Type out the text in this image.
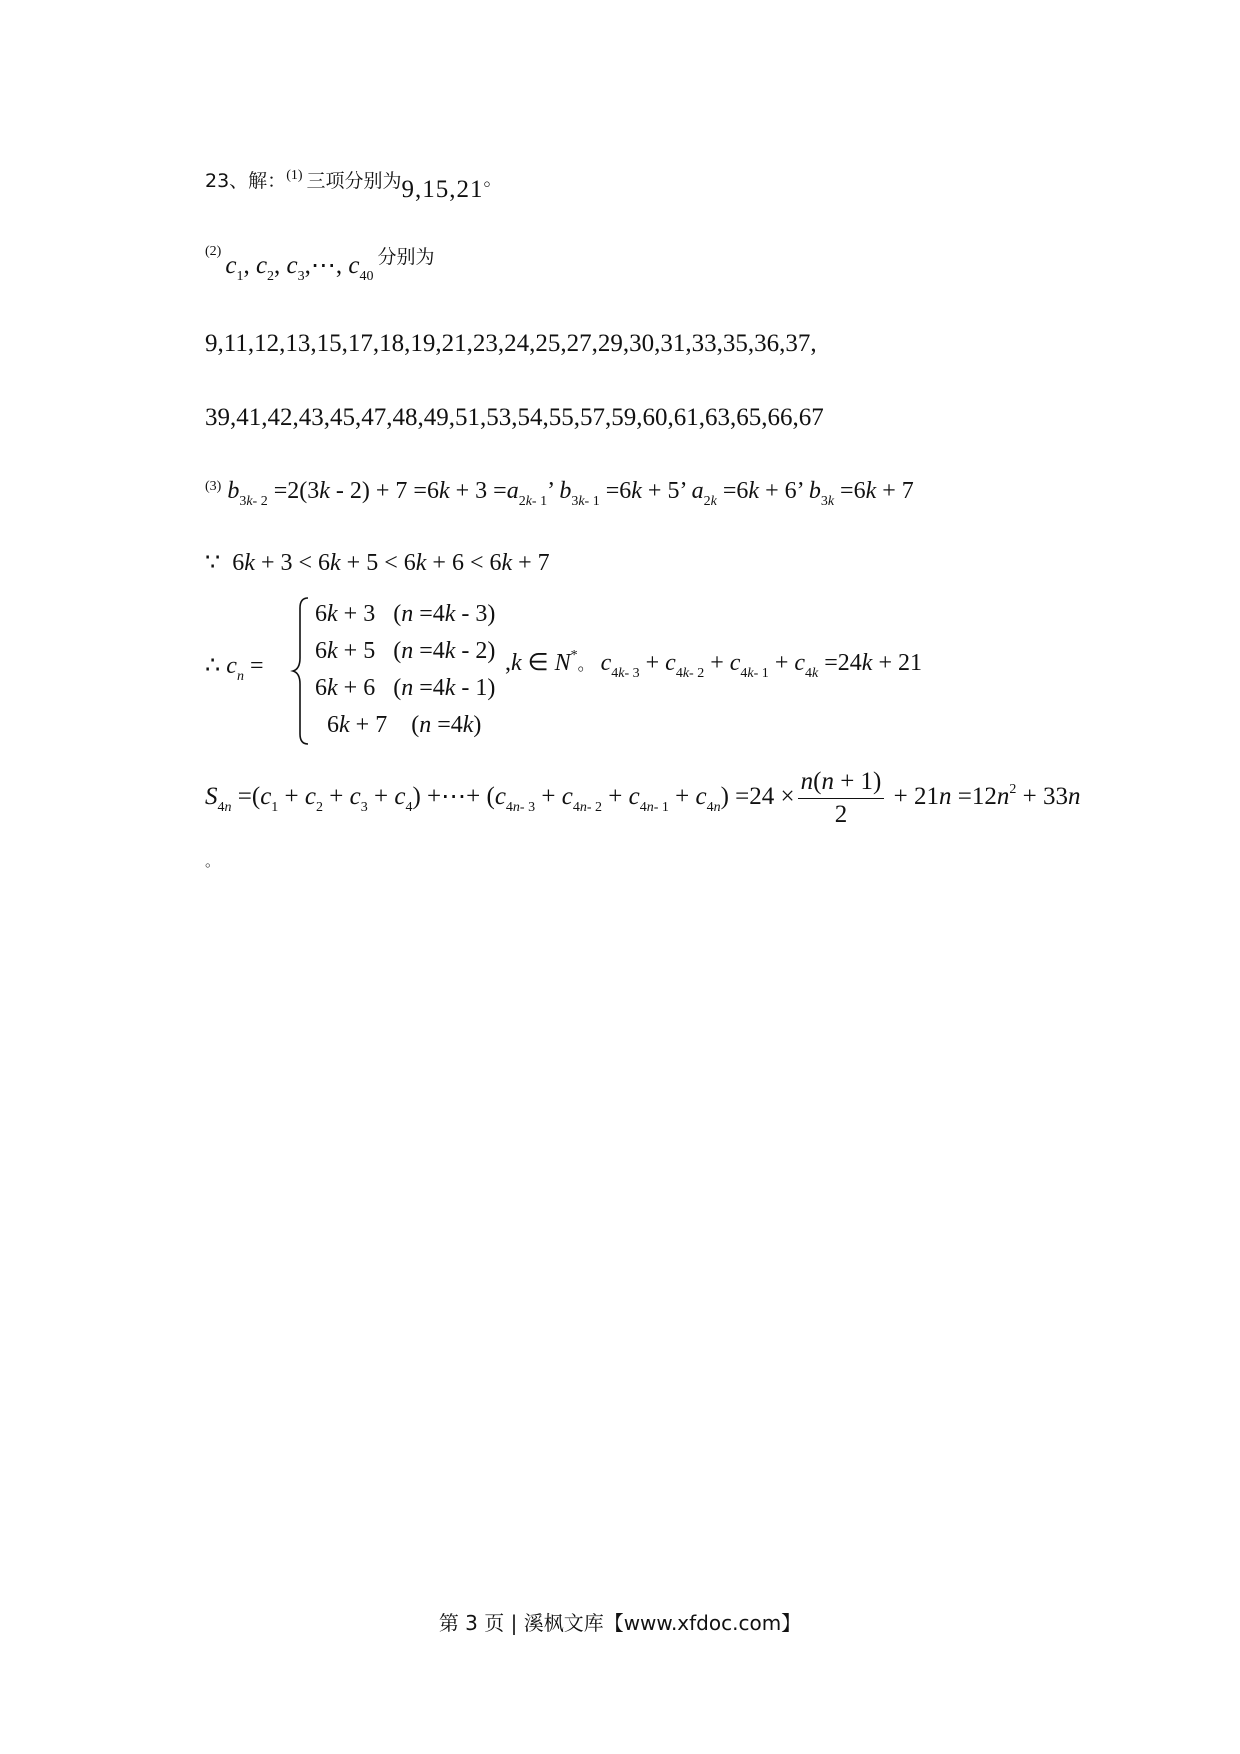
23、解：(1) 三项分别为9,15,21。
(2) $c_1$, $c_2$, $c_3,\cdots$, $c_{40}$ 分别为
9,11,12,13,15,17,18,19,21,23,24,25,27,29,30,31,33,35,36,37,
39,41,42,43,45,47,48,49,51,53,54,55,57,59,60,61,63,65,66,67
$^{(3)}$ $b_{3k- 2} =2(3k - 2) + 7 =6k + 3 =a_{2k- 1}$’ $b_{3k- 1} =6k + 5$’ $a_{2k} =6k + 6$’ $b_{3k} =6k + 7$
∵  6k + 3 < 6k + 5 < 6k + 6 < 6k + 7
∴ $c_n$ =
6k + 3   (n =4k - 3)
6k + 5   (n =4k - 2)
6k + 6   (n =4k - 1)
6k + 7    (n =4k)
,k ∈ N*。 $c_{4k- 3} + c_{4k- 2} + c_{4k- 1} + c_{4k} =24k + 21$
$S_{4n} =(c_1 + c_2 + c_3 + c_4)$ +⋯+ $(c_{4n- 3} + c_{4n- 2} + c_{4n- 1} + c_{4n}) =24 \times \frac{n(n + 1)}{2} + 21n =12n^2 + 33n$
。
第 3 页 | 溪枫文库【www.xfdoc.com】
